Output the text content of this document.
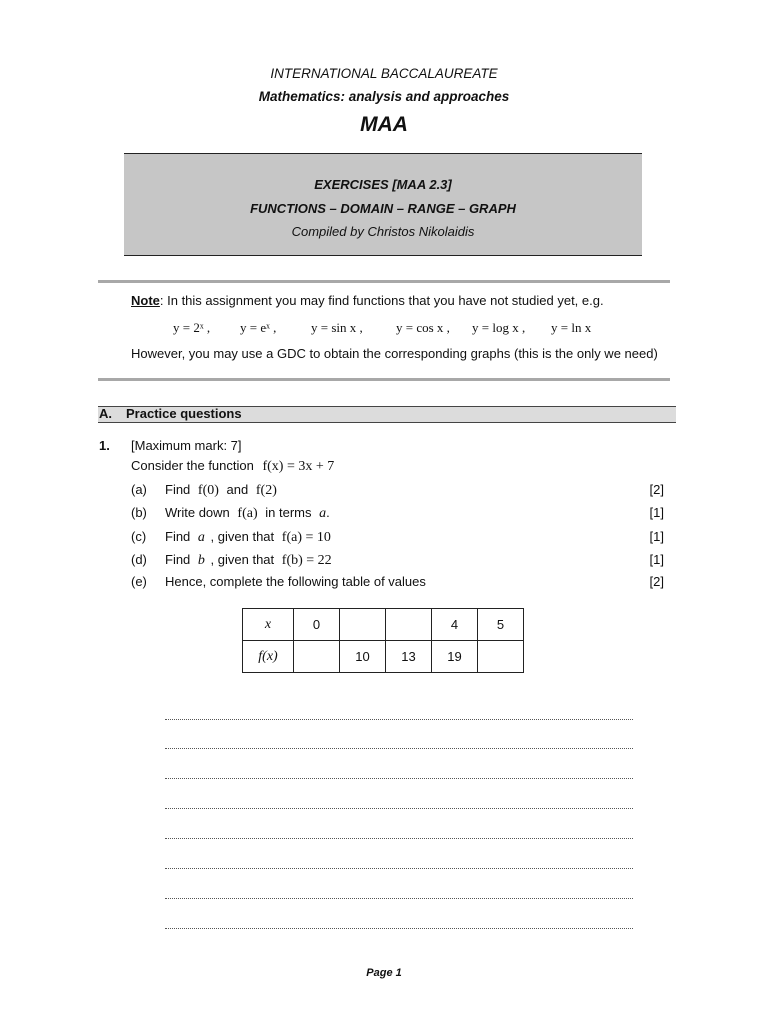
INTERNATIONAL BACCALAUREATE
Mathematics: analysis and approaches
MAA
EXERCISES [MAA 2.3]
FUNCTIONS – DOMAIN – RANGE – GRAPH
Compiled by Christos Nikolaidis
Note: In this assignment you may find functions that you have not studied yet, e.g.
y = 2ˣ , y = eˣ ,	y = sin x ,	y = cos x , y = log x , y = ln x
However, you may use a GDC to obtain the corresponding graphs (this is the only we need)
A. Practice questions
1. [Maximum mark: 7]
Consider the function f(x) = 3x + 7
(a) Find f(0) and f(2)	[2]
(b) Write down f(a) in terms a.	[1]
(c) Find a , given that f(a) = 10	[1]
(d) Find b , given that f(b) = 22	[1]
(e) Hence, complete the following table of values	[2]
x	0			4	5
f(x)		10	13	19	
Page 1
